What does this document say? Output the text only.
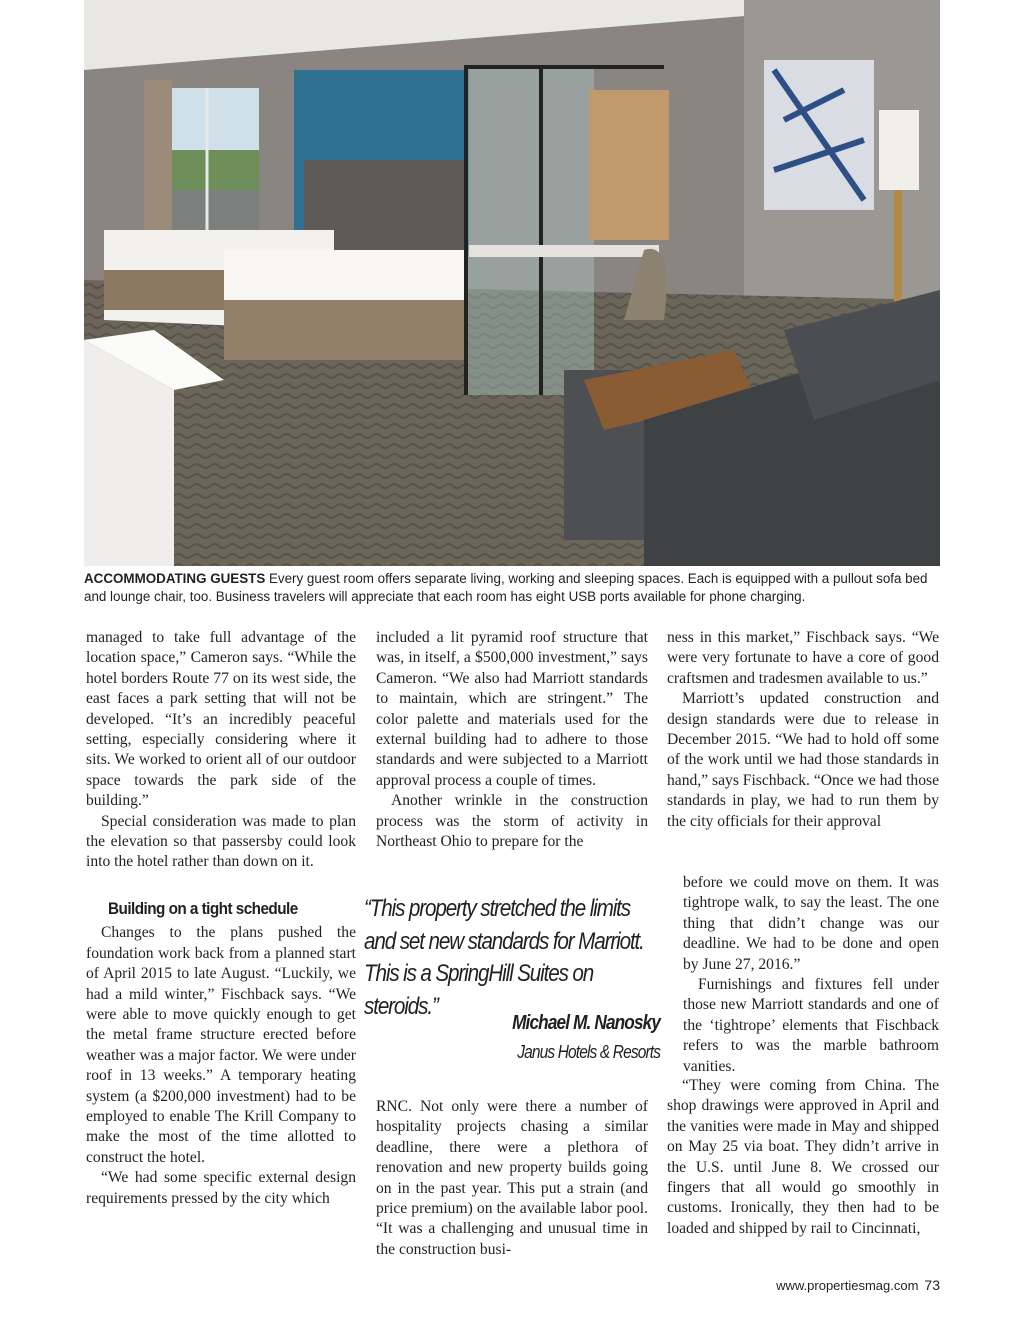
ACCOMMODATING GUESTS Every guest room offers separate living, working and sleeping spaces. Each is equipped with a pullout sofa bed and lounge chair, too. Business travelers will appreciate that each room has eight USB ports available for phone charging.

managed to take full advantage of the location space,” Cameron says. “While the hotel borders Route 77 on its west side, the east faces a park setting that will not be developed. “It’s an incredibly peaceful setting, especially considering where it sits. We worked to orient all of our outdoor space towards the park side of the building.”

Special consideration was made to plan the elevation so that passersby could look into the hotel rather than down on it.

Building on a tight schedule

Changes to the plans pushed the foundation work back from a planned start of April 2015 to late August. “Luckily, we had a mild winter,” Fischback says. “We were able to move quickly enough to get the metal frame structure erected before weather was a major factor. We were under roof in 13 weeks.” A temporary heating system (a $200,000 investment) had to be employed to enable The Krill Company to make the most of the time allotted to construct the hotel.

“We had some specific external design requirements pressed by the city which

included a lit pyramid roof structure that was, in itself, a $500,000 investment,” says Cameron. “We also had Marriott standards to maintain, which are stringent.” The color palette and materials used for the external building had to adhere to those standards and were subjected to a Marriott approval process a couple of times.

Another wrinkle in the construction process was the storm of activity in Northeast Ohio to prepare for the

“This property stretched the limits and set new standards for Marriott. This is a SpringHill Suites on steroids.”
Michael M. Nanosky
Janus Hotels & Resorts

RNC. Not only were there a number of hospitality projects chasing a similar deadline, there were a plethora of renovation and new property builds going on in the past year. This put a strain (and price premium) on the available labor pool. “It was a challenging and unusual time in the construction busi-

ness in this market,” Fischback says. “We were very fortunate to have a core of good craftsmen and tradesmen available to us.”

Marriott’s updated construction and design standards were due to release in December 2015. “We had to hold off some of the work until we had those standards in hand,” says Fischback. “Once we had those standards in play, we had to run them by the city officials for their approval

before we could move on them. It was tightrope walk, to say the least. The one thing that didn’t change was our deadline. We had to be done and open by June 27, 2016.”

Furnishings and fixtures fell under those new Marriott standards and one of the ‘tightrope’ elements that Fischback refers to was the marble bathroom vanities.

“They were coming from China. The shop drawings were approved in April and the vanities were made in May and shipped on May 25 via boat. They didn’t arrive in the U.S. until June 8. We crossed our fingers that all would go smoothly in customs. Ironically, they then had to be loaded and shipped by rail to Cincinnati,

www.propertiesmag.com 73
